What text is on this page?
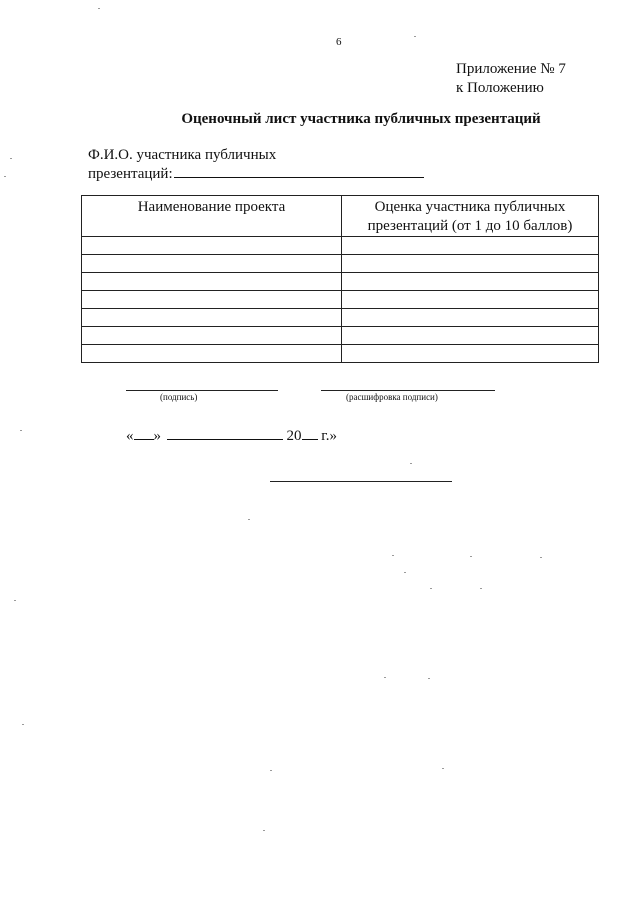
6
Приложение № 7
к Положению
Оценочный лист участника публичных презентаций
Ф.И.О. участника публичных
презентаций:
Наименование проекта	Оценка участника публичных презентаций (от 1 до 10 баллов)

(подпись)	(расшифровка подписи)
« »	20 г.»
